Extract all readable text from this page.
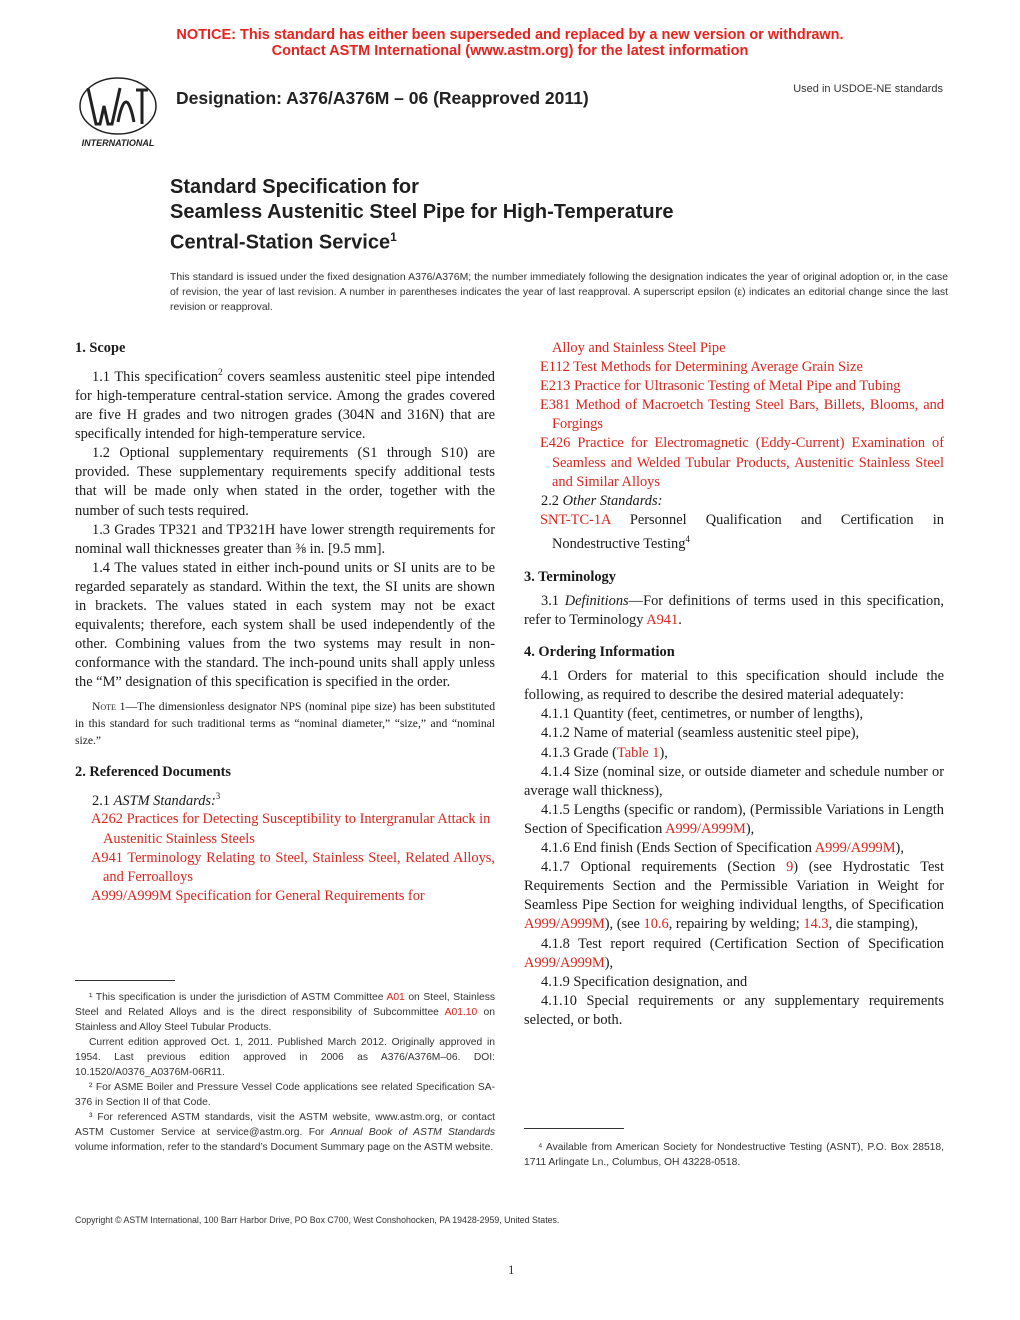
NOTICE: This standard has either been superseded and replaced by a new version or withdrawn.
Contact ASTM International (www.astm.org) for the latest information
INTERNATIONAL
Designation: A376/A376M – 06 (Reapproved 2011)	Used in USDOE-NE standards
Standard Specification for
Seamless Austenitic Steel Pipe for High-Temperature
Central-Station Service$^1$
This standard is issued under the fixed designation A376/A376M; the number immediately following the designation indicates the year of original adoption or, in the case of revision, the year of last revision. A number in parentheses indicates the year of last reapproval. A superscript epsilon (ε) indicates an editorial change since the last revision or reapproval.
1. Scope

1.1 This specification$^2$ covers seamless austenitic steel pipe intended for high-temperature central-station service. Among the grades covered are five H grades and two nitrogen grades (304N and 316N) that are specifically intended for high-temperature service.

1.2 Optional supplementary requirements (S1 through S10) are provided. These supplementary requirements specify additional tests that will be made only when stated in the order, together with the number of such tests required.

1.3 Grades TP321 and TP321H have lower strength requirements for nominal wall thicknesses greater than ⅜ in. [9.5 mm].

1.4 The values stated in either inch-pound units or SI units are to be regarded separately as standard. Within the text, the SI units are shown in brackets. The values stated in each system may not be exact equivalents; therefore, each system shall be used independently of the other. Combining values from the two systems may result in non-conformance with the standard. The inch-pound units shall apply unless the “M” designation of this specification is specified in the order.

Note 1—The dimensionless designator NPS (nominal pipe size) has been substituted in this standard for such traditional terms as “nominal diameter,” “size,” and “nominal size.”

2. Referenced Documents

2.1 ASTM Standards:$^3$

A262 Practices for Detecting Susceptibility to Intergranular Attack in Austenitic Stainless Steels
A941 Terminology Relating to Steel, Stainless Steel, Related Alloys, and Ferroalloys
A999/A999M Specification for General Requirements for

¹ This specification is under the jurisdiction of ASTM Committee A01 on Steel, Stainless Steel and Related Alloys and is the direct responsibility of Subcommittee A01.10 on Stainless and Alloy Steel Tubular Products.

Current edition approved Oct. 1, 2011. Published March 2012. Originally approved in 1954. Last previous edition approved in 2006 as A376/A376M–06. DOI: 10.1520/A0376_A0376M-06R11.

² For ASME Boiler and Pressure Vessel Code applications see related Specification SA-376 in Section II of that Code.

³ For referenced ASTM standards, visit the ASTM website, www.astm.org, or contact ASTM Customer Service at service@astm.org. For Annual Book of ASTM Standards volume information, refer to the standard’s Document Summary page on the ASTM website.

Alloy and Stainless Steel Pipe
E112 Test Methods for Determining Average Grain Size
E213 Practice for Ultrasonic Testing of Metal Pipe and Tubing
E381 Method of Macroetch Testing Steel Bars, Billets, Blooms, and Forgings
E426 Practice for Electromagnetic (Eddy-Current) Examination of Seamless and Welded Tubular Products, Austenitic Stainless Steel and Similar Alloys

2.2 Other Standards:

SNT-TC-1A Personnel Qualification and Certification in Nondestructive Testing$^4$
3. Terminology

3.1 Definitions—For definitions of terms used in this specification, refer to Terminology A941.

4. Ordering Information

4.1 Orders for material to this specification should include the following, as required to describe the desired material adequately:

4.1.1 Quantity (feet, centimetres, or number of lengths),

4.1.2 Name of material (seamless austenitic steel pipe),

4.1.3 Grade (Table 1),

4.1.4 Size (nominal size, or outside diameter and schedule number or average wall thickness),

4.1.5 Lengths (specific or random), (Permissible Variations in Length Section of Specification A999/A999M),

4.1.6 End finish (Ends Section of Specification A999/A999M),

4.1.7 Optional requirements (Section 9) (see Hydrostatic Test Requirements Section and the Permissible Variation in Weight for Seamless Pipe Section for weighing individual lengths, of Specification A999/A999M), (see 10.6, repairing by welding; 14.3, die stamping),

4.1.8 Test report required (Certification Section of Specification A999/A999M),

4.1.9 Specification designation, and

4.1.10 Special requirements or any supplementary requirements selected, or both.

⁴ Available from American Society for Nondestructive Testing (ASNT), P.O. Box 28518, 1711 Arlingate Ln., Columbus, OH 43228-0518.

Copyright © ASTM International, 100 Barr Harbor Drive, PO Box C700, West Conshohocken, PA 19428-2959, United States.
1
